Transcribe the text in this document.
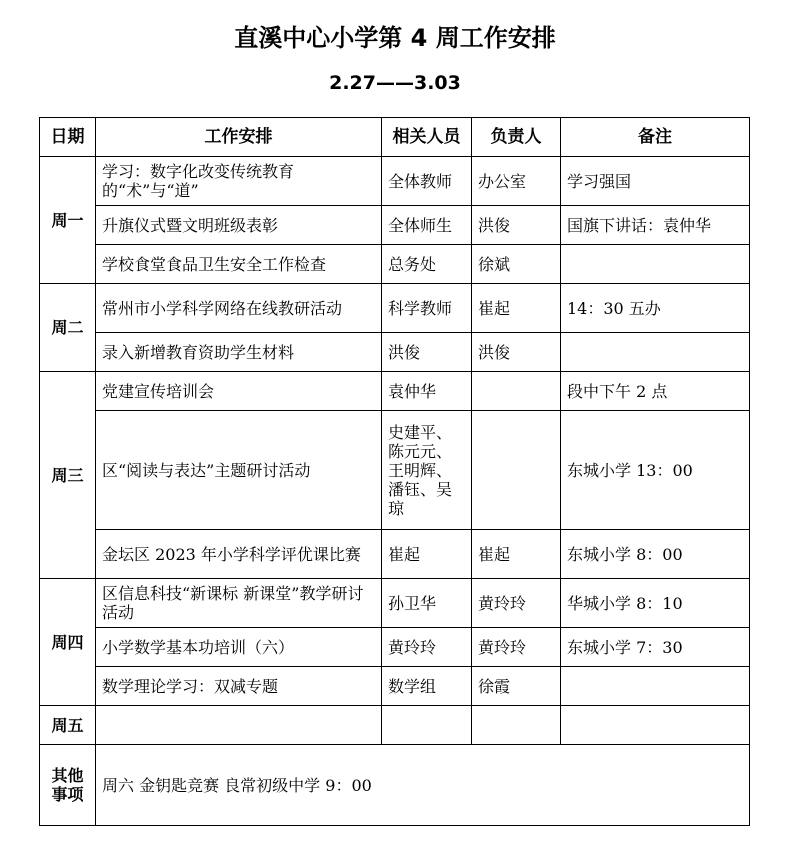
直溪中心小学第 4 周工作安排
2.27——3.03
日期	工作安排	相关人员	负责人	备注
周一	学习：数字化改变传统教育的“术”与“道”	全体教师	办公室	学习强国
	升旗仪式暨文明班级表彰	全体师生	洪俊	国旗下讲话：袁仲华
	学校食堂食品卫生安全工作检查	总务处	徐斌	
周二	常州市小学科学网络在线教研活动	科学教师	崔起	14：30 五办
	录入新增教育资助学生材料	洪俊	洪俊	
周三	党建宣传培训会	袁仲华		段中下午 2 点
	区“阅读与表达”主题研讨活动	史建平、陈元元、王明辉、潘钰、吴琼		东城小学 13：00
	金坛区 2023 年小学科学评优课比赛	崔起	崔起	东城小学 8：00
周四	区信息科技“新课标 新课堂”教学研讨活动	孙卫华	黄玲玲	华城小学 8：10
	小学数学基本功培训（六）	黄玲玲	黄玲玲	东城小学 7：30
	数学理论学习：双减专题	数学组	徐霞	
周五				

其他
事项	周六 金钥匙竞赛 良常初级中学 9：00			
